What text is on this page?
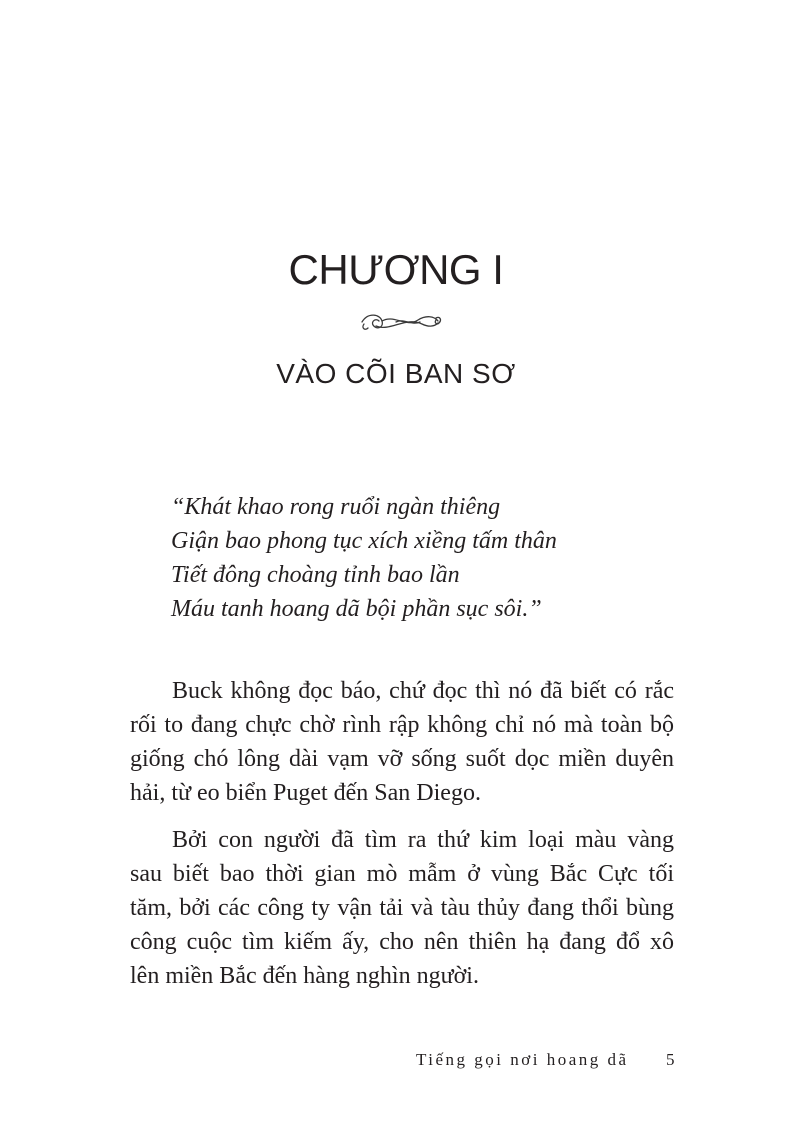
CHƯƠNG I
VÀO CÕI BAN SƠ
“Khát khao rong ruổi ngàn thiêng
Giận bao phong tục xích xiềng tấm thân
Tiết đông choàng tỉnh bao lần
Máu tanh hoang dã bội phần sục sôi.”

Buck không đọc báo, chứ đọc thì nó đã biết có rắc
rối to đang chực chờ rình rập không chỉ nó mà toàn bộ
giống chó lông dài vạm vỡ sống suốt dọc miền duyên
hải, từ eo biển Puget đến San Diego.

Bởi con người đã tìm ra thứ kim loại màu vàng
sau biết bao thời gian mò mẫm ở vùng Bắc Cực tối
tăm, bởi các công ty vận tải và tàu thủy đang thổi bùng
công cuộc tìm kiếm ấy, cho nên thiên hạ đang đổ xô
lên miền Bắc đến hàng nghìn người.

Tiếng gọi nơi hoang dã 5
